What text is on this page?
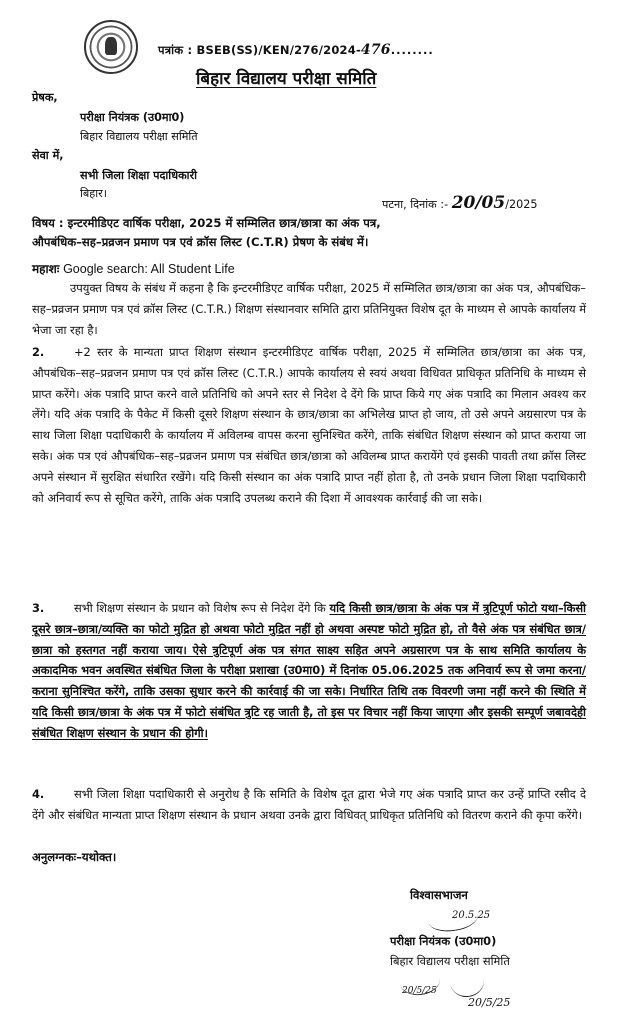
पत्रांक : BSEB(SS)/KEN/276/2024-476........
बिहार विद्यालय परीक्षा समिति
प्रेषक,
परीक्षा नियंत्रक (उ0मा0)
बिहार विद्यालय परीक्षा समिति
सेवा में,
सभी जिला शिक्षा पदाधिकारी
बिहार।
पटना, दिनांक :- 20/05/2025
विषय : इन्टरमीडिएट वार्षिक परीक्षा, 2025 में सम्मिलित छात्र/छात्रा का अंक पत्र,
औपबंधिक–सह–प्रव्रजन प्रमाण पत्र एवं क्रॉस लिस्ट (C.T.R) प्रेषण के संबंध में।
महाशः Google search: All Student Life

उपयुक्त विषय के संबंध में कहना है कि इन्टरमीडिएट वार्षिक परीक्षा, 2025 में सम्मिलित छात्र/छात्रा का अंक पत्र, औपबंधिक–सह–प्रव्रजन प्रमाण पत्र एवं क्रॉस लिस्ट (C.T.R.) शिक्षण संस्थानवार समिति द्वारा प्रतिनियुक्त विशेष दूत के माध्यम से आपके कार्यालय में भेजा जा रहा है।

2.	+2 स्तर के मान्यता प्राप्त शिक्षण संस्थान इन्टरमीडिएट वार्षिक परीक्षा, 2025 में सम्मिलित छात्र/छात्रा का अंक पत्र, औपबंधिक–सह–प्रव्रजन प्रमाण पत्र एवं क्रॉस लिस्ट (C.T.R.) आपके कार्यालय से स्वयं अथवा विधिवत प्राधिकृत प्रतिनिधि के माध्यम से प्राप्त करेंगे। अंक पत्रादि प्राप्त करने वाले प्रतिनिधि को अपने स्तर से निदेश दे देंगे कि प्राप्त किये गए अंक पत्रादि का मिलान अवश्य कर लेंगे। यदि अंक पत्रादि के पैकेट में किसी दूसरे शिक्षण संस्थान के छात्र/छात्रा का अभिलेख प्राप्त हो जाय, तो उसे अपने अग्रसारण पत्र के साथ जिला शिक्षा पदाधिकारी के कार्यालय में अविलम्ब वापस करना सुनिश्चित करेंगे, ताकि संबंधित शिक्षण संस्थान को प्राप्त कराया जा सके। अंक पत्र एवं औपबंधिक–सह–प्रव्रजन प्रमाण पत्र संबंधित छात्र/छात्रा को अविलम्ब प्राप्त करायेंगे एवं इसकी पावती तथा क्रॉस लिस्ट अपने संस्थान में सुरक्षित संधारित रखेंगे। यदि किसी संस्थान का अंक पत्रादि प्राप्त नहीं होता है, तो उनके प्रधान जिला शिक्षा पदाधिकारी को अनिवार्य रूप से सूचित करेंगे, ताकि अंक पत्रादि उपलब्ध कराने की दिशा में आवश्यक कार्रवाई की जा सके।

3.	सभी शिक्षण संस्थान के प्रधान को विशेष रूप से निदेश देंगे कि यदि किसी छात्र/छात्रा के अंक पत्र में त्रुटिपूर्ण फोटो यथा–किसी दूसरे छात्र–छात्रा/व्यक्ति का फोटो मुद्रित हो अथवा फोटो मुद्रित नहीं हो अथवा अस्पष्ट फोटो मुद्रित हो, तो वैसे अंक पत्र संबंधित छात्र/छात्रा को हस्तगत नहीं कराया जाय। ऐसे त्रुटिपूर्ण अंक पत्र संगत साक्ष्य सहित अपने अग्रसारण पत्र के साथ समिति कार्यालय के अकादमिक भवन अवस्थित संबंधित जिला के परीक्षा प्रशाखा (उ0मा0) में दिनांक 05.06.2025 तक अनिवार्य रूप से जमा करना/कराना सुनिश्चित करेंगे, ताकि उसका सुधार करने की कार्रवाई की जा सके। निर्धारित तिथि तक विवरणी जमा नहीं करने की स्थिति में यदि किसी छात्र/छात्रा के अंक पत्र में फोटो संबंधित त्रुटि रह जाती है, तो इस पर विचार नहीं किया जाएगा और इसकी सम्पूर्ण जबावदेही संबंधित शिक्षण संस्थान के प्रधान की होगी।

4.	सभी जिला शिक्षा पदाधिकारी से अनुरोध है कि समिति के विशेष दूत द्वारा भेजे गए अंक पत्रादि प्राप्त कर उन्हें प्राप्ति रसीद दे देंगे और संबंधित मान्यता प्राप्त शिक्षण संस्थान के प्रधान अथवा उनके द्वारा विधिवत् प्राधिकृत प्रतिनिधि को वितरण कराने की कृपा करेंगे।

अनुलग्नकः–यथोक्त।
विश्वासभाजन
20.5.25
परीक्षा नियंत्रक (उ0मा0)
बिहार विद्यालय परीक्षा समिति
20/5/25
20/5/25
